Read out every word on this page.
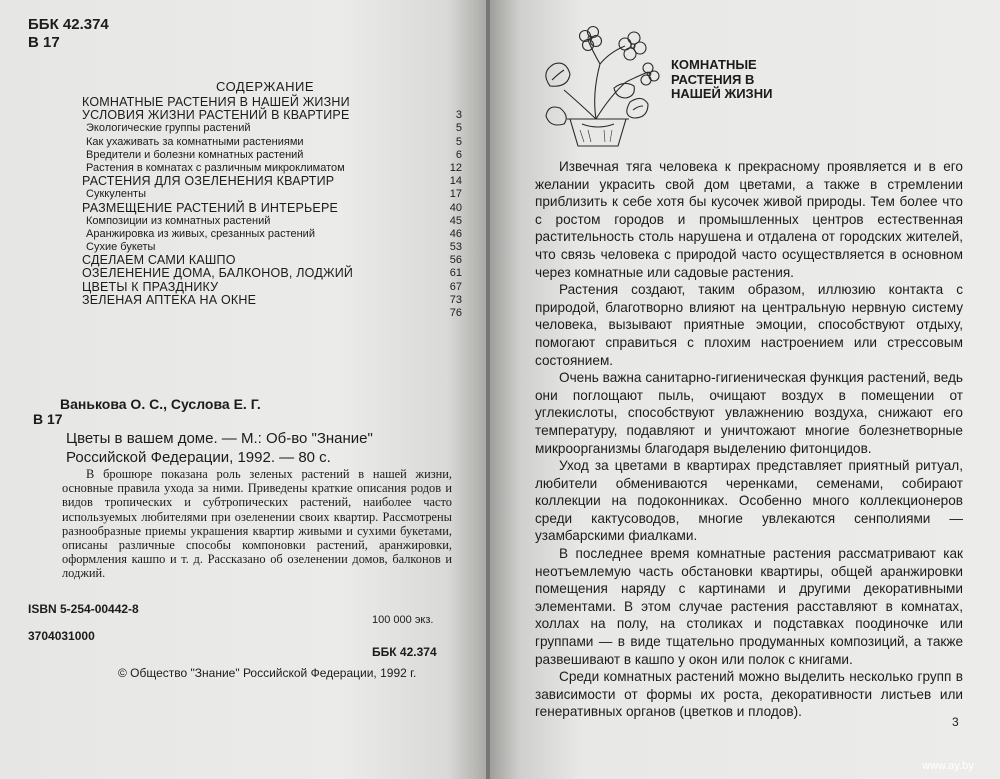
ББК 42.374
В 17
СОДЕРЖАНИЕ
КОМНАТНЫЕ РАСТЕНИЯ В НАШЕЙ ЖИЗНИ
УСЛОВИЯ ЖИЗНИ РАСТЕНИЙ В КВАРТИРЕ	3
Экологические группы растений	5
Как ухаживать за комнатными растениями	5
Вредители и болезни комнатных растений	6
Растения в комнатах с различным микроклиматом	12
РАСТЕНИЯ ДЛЯ ОЗЕЛЕНЕНИЯ КВАРТИР	14
Суккуленты	17
РАЗМЕЩЕНИЕ РАСТЕНИЙ В ИНТЕРЬЕРЕ	40
Композиции из комнатных растений	45
Аранжировка из живых, срезанных растений	46
Сухие букеты	53
СДЕЛАЕМ САМИ КАШПО	56
ОЗЕЛЕНЕНИЕ ДОМА, БАЛКОНОВ, ЛОДЖИЙ	61
ЦВЕТЫ К ПРАЗДНИКУ	67
ЗЕЛЕНАЯ АПТЕКА НА ОКНЕ	73
76
Ванькова О. С., Суслова Е. Г.
В 17
Цветы в вашем доме. — М.: Об-во "Знание"
Российской Федерации, 1992. — 80 с.

В брошюре показана роль зеленых растений в нашей жизни, основные правила ухода за ними. Приведены краткие описания родов и видов тропических и субтропических растений, наиболее часто используемых любителями при озеленении своих квартир. Рассмотрены разнообразные приемы украшения квартир живыми и сухими букетами, описаны различные способы компоновки растений, аранжировки, оформления кашпо и т. д. Рассказано об озеленении домов, балконов и лоджий.

ISBN 5-254-00442-8
100 000 экз.
3704031000
ББК 42.374
© Общество "Знание" Российской Федерации, 1992 г.
КОМНАТНЫЕ РАСТЕНИЯ В НАШЕЙ ЖИЗНИ

Извечная тяга человека к прекрасному проявляется и в его желании украсить свой дом цветами, а также в стремлении приблизить к себе хотя бы кусочек живой природы. Тем более что с ростом городов и промышленных центров естественная растительность столь нарушена и отдалена от городских жителей, что связь человека с природой часто осуществляется в основном через комнатные или садовые растения.

Растения создают, таким образом, иллюзию контакта с природой, благотворно влияют на центральную нервную систему человека, вызывают приятные эмоции, способствуют отдыху, помогают справиться с плохим настроением или стрессовым состоянием.

Очень важна санитарно-гигиеническая функция растений, ведь они поглощают пыль, очищают воздух в помещении от углекислоты, способствуют увлажнению воздуха, снижают его температуру, подавляют и уничтожают многие болезнетворные микроорганизмы благодаря выделению фитонцидов.

Уход за цветами в квартирах представляет приятный ритуал, любители обмениваются черенками, семенами, собирают коллекции на подоконниках. Особенно много коллекционеров среди кактусоводов, многие увлекаются сенполиями — узамбарскими фиалками.

В последнее время комнатные растения рассматривают как неотъемлемую часть обстановки квартиры, общей аранжировки помещения наряду с картинами и другими декоративными элементами. В этом случае растения расставляют в комнатах, холлах на полу, на столиках и подставках поодиночке или группами — в виде тщательно продуманных композиций, а также развешивают в кашпо у окон или полок с книгами.

Среди комнатных растений можно выделить несколько групп в зависимости от формы их роста, декоративности листьев или генеративных органов (цветков и плодов).

3
www.ay.by
